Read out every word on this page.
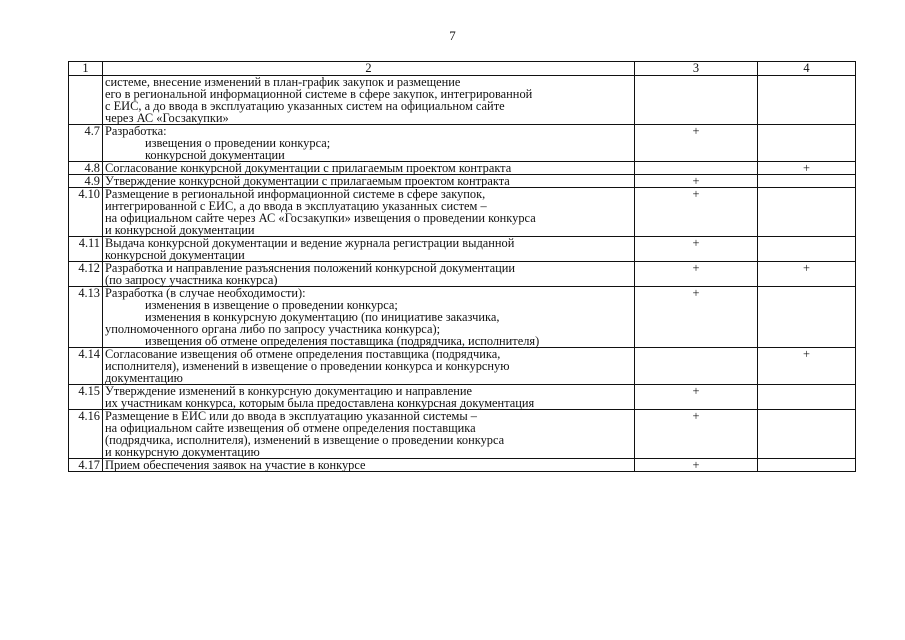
7
1	2	3	4

	системе, внесение изменений в план-график закупок и размещение
его в региональной информационной системе в сфере закупок, интегрированной
с ЕИС, а до ввода в эксплуатацию указанных систем на официальном сайте
через АС «Госзакупки»		

4.7	Разработка:
извещения о проведении конкурса;
конкурсной документации	+	
4.8	Согласование конкурсной документации с прилагаемым проектом контракта		+
4.9	Утверждение конкурсной документации с прилагаемым проектом контракта	+	
4.10	Размещение в региональной информационной системе в сфере закупок,
интегрированной с ЕИС, а до ввода в эксплуатацию указанных систем –
на официальном сайте через АС «Госзакупки» извещения о проведении конкурса
и конкурсной документации	+	
4.11	Выдача конкурсной документации и ведение журнала регистрации выданной
конкурсной документации	+	
4.12	Разработка и направление разъяснения положений конкурсной документации
(по запросу участника конкурса)	+	+
4.13	Разработка (в случае необходимости):
изменения в извещение о проведении конкурса;
изменения в конкурсную документацию (по инициативе заказчика,
уполномоченного органа либо по запросу участника конкурса);
извещения об отмене определения поставщика (подрядчика, исполнителя)	+	
4.14	Согласование извещения об отмене определения поставщика (подрядчика,
исполнителя), изменений в извещение о проведении конкурса и конкурсную
документацию		+
4.15	Утверждение изменений в конкурсную документацию и направление
их участникам конкурса, которым была предоставлена конкурсная документация	+	
4.16	Размещение в ЕИС или до ввода в эксплуатацию указанной системы –
на официальном сайте извещения об отмене определения поставщика
(подрядчика, исполнителя), изменений в извещение о проведении конкурса
и конкурсную документацию	+	
4.17	Прием обеспечения заявок на участие в конкурсе	+	
